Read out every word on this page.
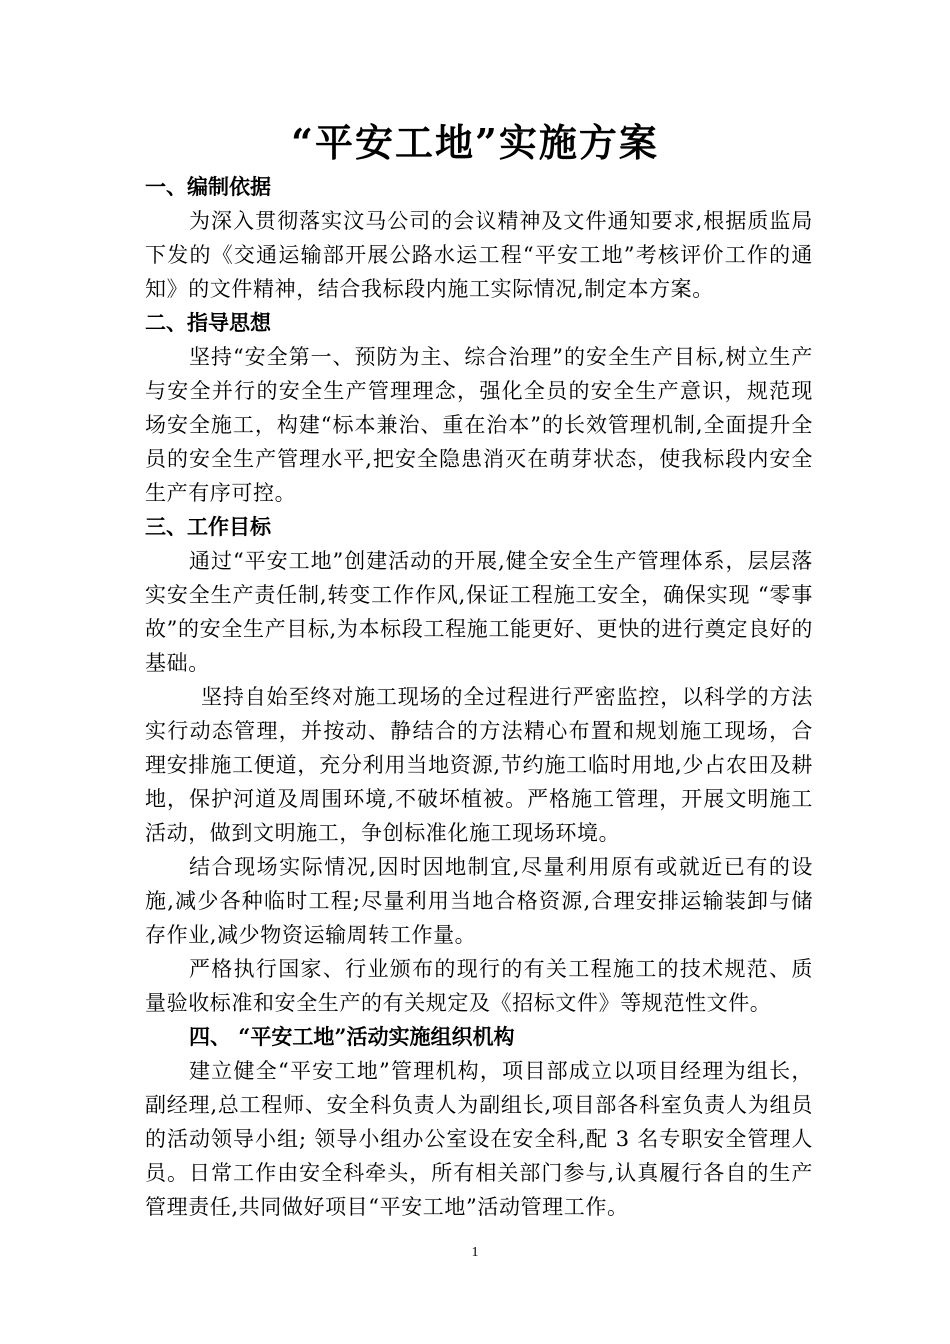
“平安工地”实施方案
一、编制依据

为深入贯彻落实汶马公司的会议精神及文件通知要求,根据质监局下发的《交通运输部开展公路水运工程“平安工地”考核评价工作的通知》的文件精神，结合我标段内施工实际情况,制定本方案。

二、指导思想

坚持“安全第一、预防为主、综合治理”的安全生产目标,树立生产与安全并行的安全生产管理理念，强化全员的安全生产意识，规范现场安全施工，构建“标本兼治、重在治本”的长效管理机制,全面提升全员的安全生产管理水平,把安全隐患消灭在萌芽状态，使我标段内安全生产有序可控。

三、工作目标

通过“平安工地”创建活动的开展,健全安全生产管理体系，层层落实安全生产责任制,转变工作作风,保证工程施工安全，确保实现 “零事故”的安全生产目标,为本标段工程施工能更好、更快的进行奠定良好的基础。

坚持自始至终对施工现场的全过程进行严密监控，以科学的方法实行动态管理，并按动、静结合的方法精心布置和规划施工现场，合理安排施工便道，充分利用当地资源,节约施工临时用地,少占农田及耕地，保护河道及周围环境,不破坏植被。严格施工管理，开展文明施工活动，做到文明施工，争创标准化施工现场环境。

结合现场实际情况,因时因地制宜,尽量利用原有或就近已有的设施,减少各种临时工程;尽量利用当地合格资源,合理安排运输装卸与储存作业,减少物资运输周转工作量。

严格执行国家、行业颁布的现行的有关工程施工的技术规范、质量验收标准和安全生产的有关规定及《招标文件》等规范性文件。

四、 “平安工地”活动实施组织机构

建立健全“平安工地”管理机构，项目部成立以项目经理为组长，副经理,总工程师、安全科负责人为副组长,项目部各科室负责人为组员的活动领导小组; 领导小组办公室设在安全科,配 3 名专职安全管理人员。日常工作由安全科牵头，所有相关部门参与,认真履行各自的生产管理责任,共同做好项目“平安工地”活动管理工作。

1
